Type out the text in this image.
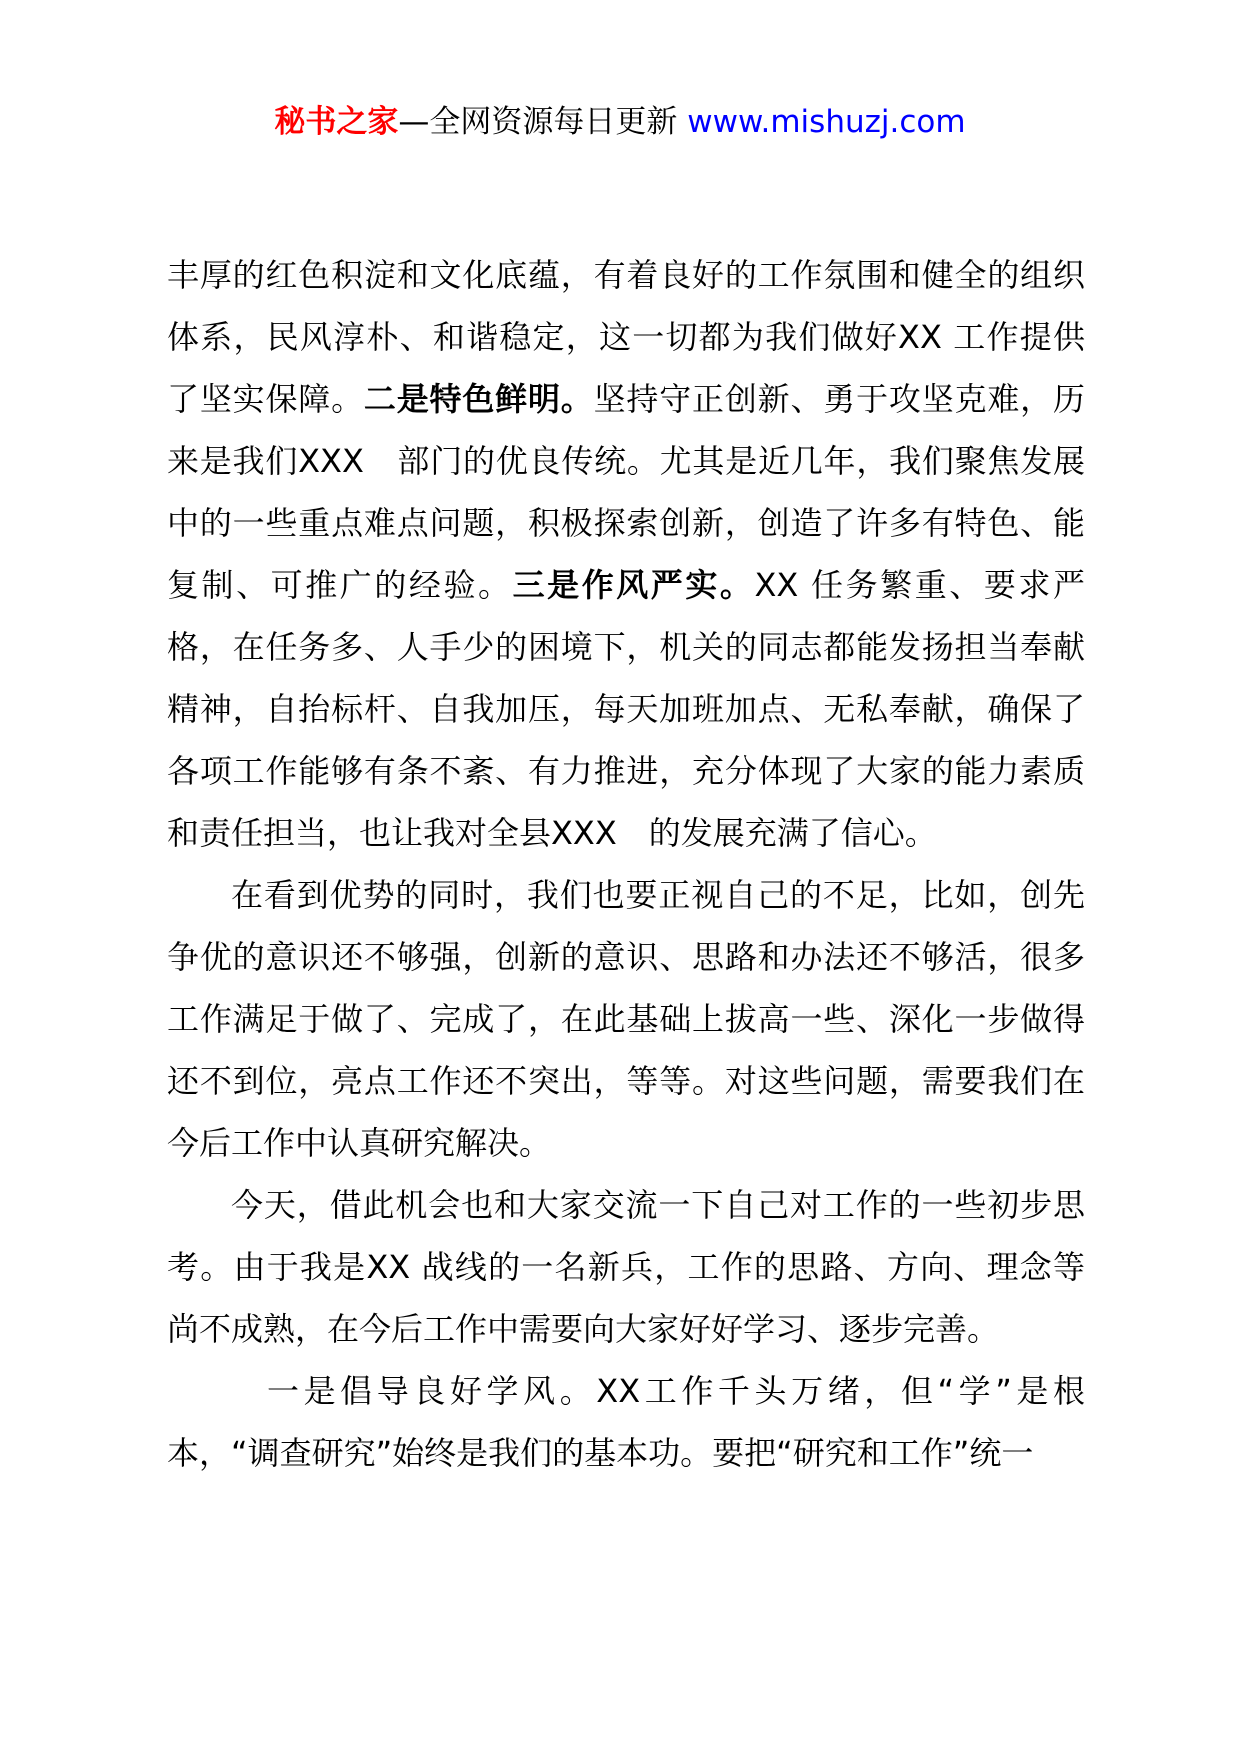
秘书之家—全网资源每日更新 www.mishuzj.com

丰厚的红色积淀和文化底蕴，有着良好的工作氛围和健全的组织体系，民风淳朴、和谐稳定，这一切都为我们做好XX 工作提供了坚实保障。二是特色鲜明。坚持守正创新、勇于攻坚克难，历来是我们XXX　部门的优良传统。尤其是近几年，我们聚焦发展中的一些重点难点问题，积极探索创新，创造了许多有特色、能复制、可推广的经验。三是作风严实。XX 任务繁重、要求严格，在任务多、人手少的困境下，机关的同志都能发扬担当奉献精神，自抬标杆、自我加压，每天加班加点、无私奉献，确保了各项工作能够有条不紊、有力推进，充分体现了大家的能力素质和责任担当，也让我对全县XXX　的发展充满了信心。

在看到优势的同时，我们也要正视自己的不足，比如，创先争优的意识还不够强，创新的意识、思路和办法还不够活，很多工作满足于做了、完成了，在此基础上拔高一些、深化一步做得还不到位，亮点工作还不突出，等等。对这些问题，需要我们在今后工作中认真研究解决。

今天，借此机会也和大家交流一下自己对工作的一些初步思考。由于我是XX 战线的一名新兵，工作的思路、方向、理念等尚不成熟，在今后工作中需要向大家好好学习、逐步完善。

一是倡导良好学风。XX工作千头万绪，但“学”是根本，“调查研究”始终是我们的基本功。要把“研究和工作”统一
